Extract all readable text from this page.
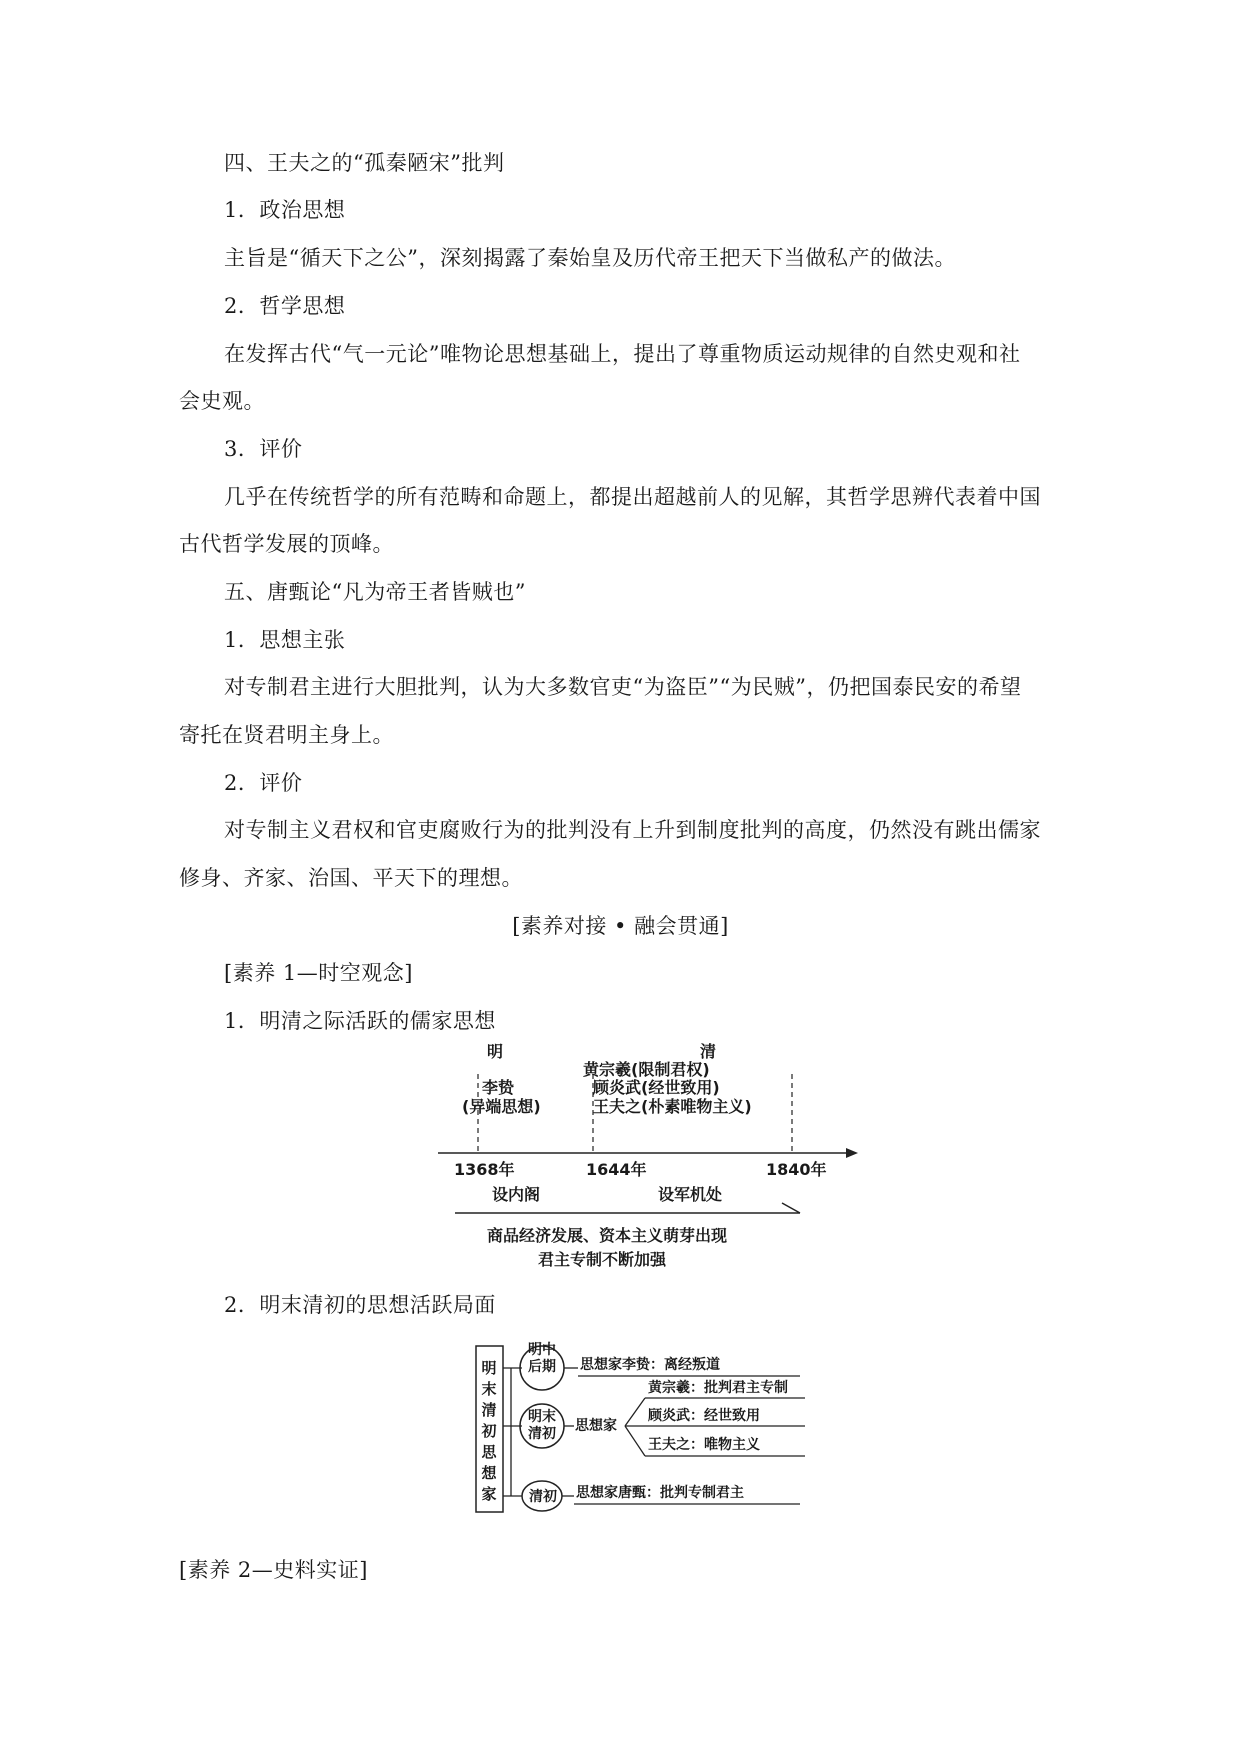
四、王夫之的“孤秦陋宋”批判
1．政治思想
主旨是“循天下之公”，深刻揭露了秦始皇及历代帝王把天下当做私产的做法。
2．哲学思想
在发挥古代“气一元论”唯物论思想基础上，提出了尊重物质运动规律的自然史观和社
会史观。
3．评价
几乎在传统哲学的所有范畴和命题上，都提出超越前人的见解，其哲学思辨代表着中国
古代哲学发展的顶峰。
五、唐甄论“凡为帝王者皆贼也”
1．思想主张
对专制君主进行大胆批判，认为大多数官吏“为盗臣”“为民贼”，仍把国泰民安的希望
寄托在贤君明主身上。
2．评价
对专制主义君权和官吏腐败行为的批判没有上升到制度批判的高度，仍然没有跳出儒家
修身、齐家、治国、平天下的理想。
[素养对接 • 融会贯通]
[素养 1—时空观念]
1．明清之际活跃的儒家思想
明	清
黄宗羲(限制君权)
李贽	顾炎武(经世致用)
(异端思想)	王夫之(朴素唯物主义)
1368年	1644年	1840年
设内阁	设军机处
商品经济发展、资本主义萌芽出现
君主专制不断加强
2．明末清初的思想活跃局面
明末清初思想家
明中后期 思想家李贽：离经叛道
明末清初 思想家
黄宗羲：批判君主专制
顾炎武：经世致用
王夫之：唯物主义
清初 思想家唐甄：批判专制君主
[素养 2—史料实证]
